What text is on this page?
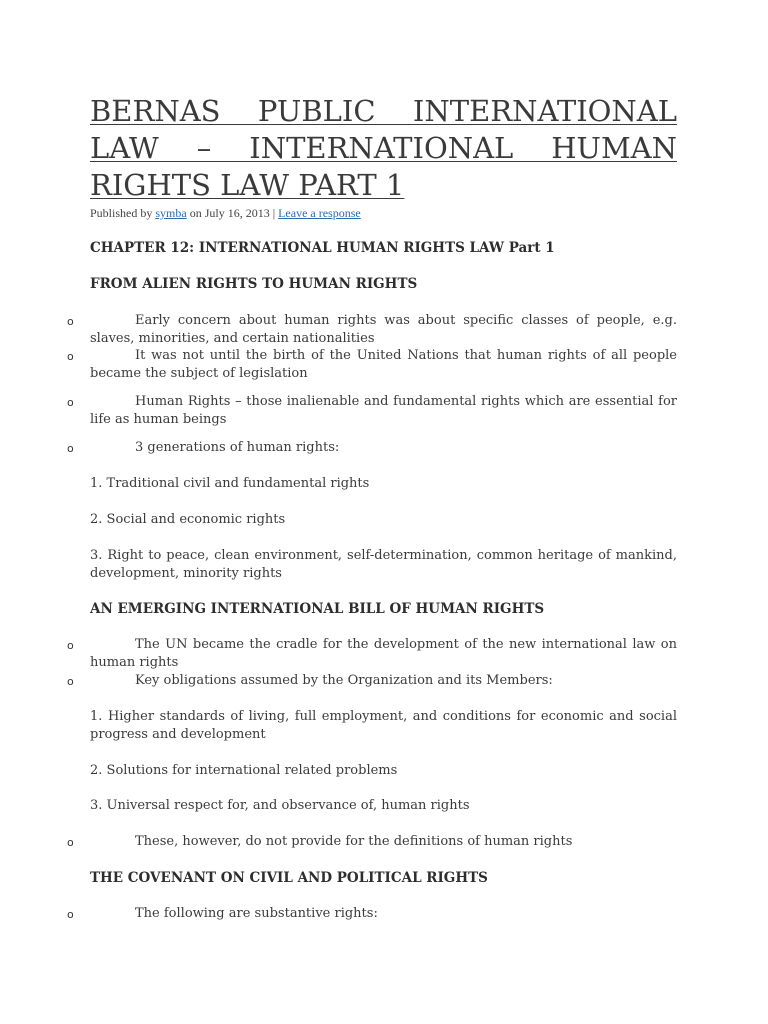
BERNAS PUBLIC INTERNATIONAL LAW – INTERNATIONAL HUMAN RIGHTS LAW PART 1
Published by symba on July 16, 2013 | Leave a response
CHAPTER 12: INTERNATIONAL HUMAN RIGHTS LAW Part 1
FROM ALIEN RIGHTS TO HUMAN RIGHTS
o	Early concern about human rights was about specific classes of people, e.g. slaves, minorities, and certain nationalities

o	It was not until the birth of the United Nations that human rights of all people became the subject of legislation

o	Human Rights – those inalienable and fundamental rights which are essential for life as human beings

o	3 generations of human rights:

1. Traditional civil and fundamental rights

2. Social and economic rights

3. Right to peace, clean environment, self-determination, common heritage of mankind, development, minority rights

AN EMERGING INTERNATIONAL BILL OF HUMAN RIGHTS
o	The UN became the cradle for the development of the new international law on human rights

o	Key obligations assumed by the Organization and its Members:

1. Higher standards of living, full employment, and conditions for economic and social progress and development

2. Solutions for international related problems

3. Universal respect for, and observance of, human rights

o	These, however, do not provide for the definitions of human rights

THE COVENANT ON CIVIL AND POLITICAL RIGHTS
o	The following are substantive rights:
